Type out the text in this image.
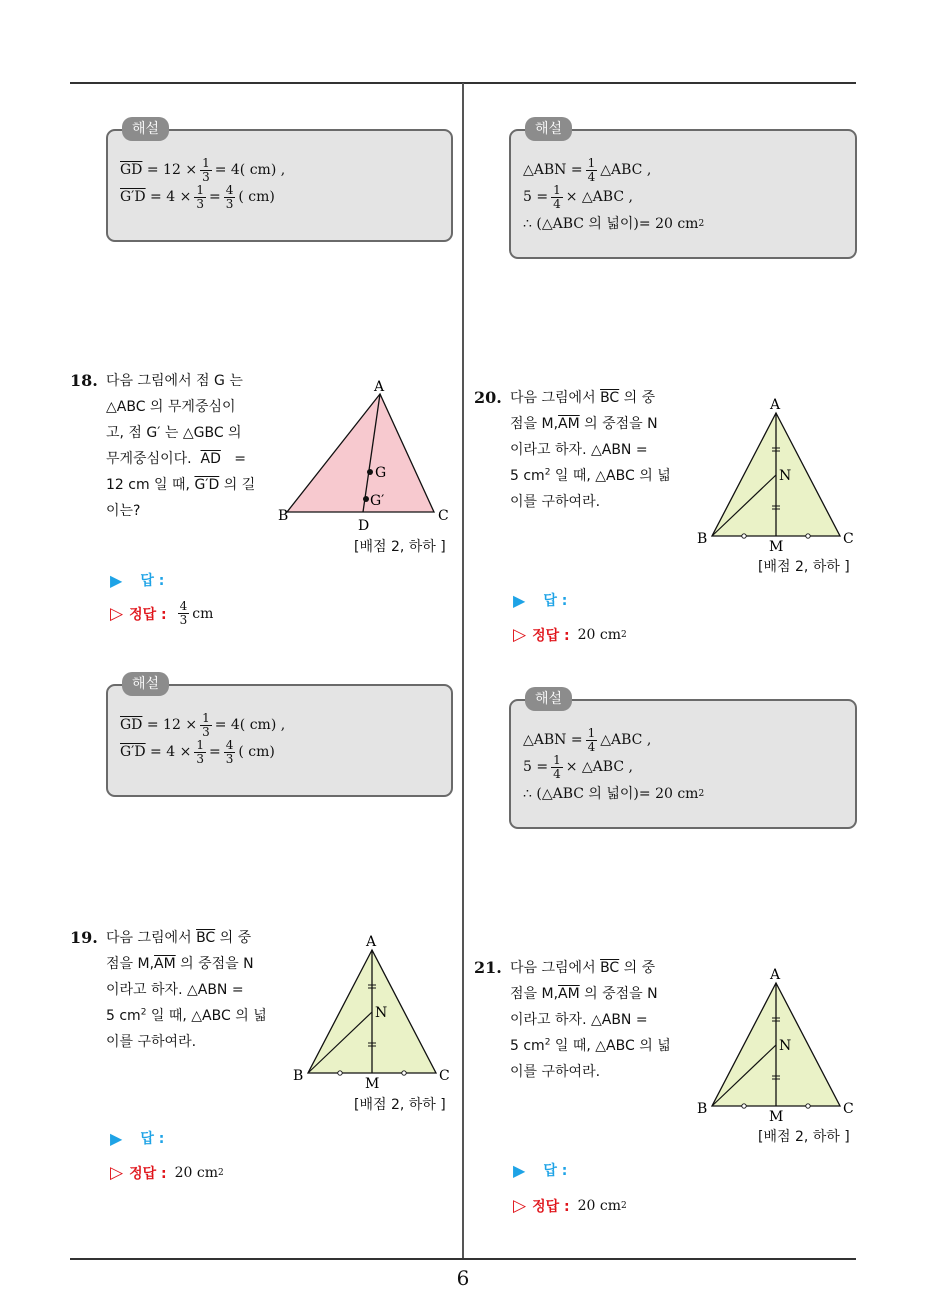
해설
$\overline{GD}$
= $12 \times \frac{1}{3} = 4$( cm) ,
G′D
= $4 \times \frac{1}{3} = \frac{4}{3}$ ( cm)
18. 다음 그림에서 점 G 는
△ABC 의 무게중심이
고, 점 G′ 는 △GBC 의
무게중심이다. $\overline{AD}$ =
12 cm 일 때, G′D 의 길
이는?
A
B	C
D
G
G′
[배점 2, 하하 ]
▶ 답 :
▷ 정답 : $\frac{4}{3}$ cm
해설
$\overline{GD}$
= $12 \times \frac{1}{3} = 4$( cm) ,
G′D
= $4 \times \frac{1}{3} = \frac{4}{3}$ ( cm)
19. 다음 그림에서 $\overline{BC}$ 의 중
점을 $M,\overline{AM}$ 의 중점을 N
이라고 하자. △ABN =
5 $cm^2$ 일 때, △ABC 의 넓
이를 구하여라.
A
N
B	C
M
[배점 2, 하하 ]
▶ 답 :
▷ 정답 : 20 cm 2
해설
△ABN = $\frac{1}{4}$ △ABC ,
$5 = \frac{1}{4}$ × △ABC ,
∴ (△ABC 의 넓이)= 20 cm 2
20. 다음 그림에서 $\overline{BC}$ 의 중
점을 $M,\overline{AM}$ 의 중점을 N
이라고 하자. △ABN =
5 $cm^2$ 일 때, △ABC 의 넓
이를 구하여라.
A
N
B	C
M
[배점 2, 하하 ]
▶ 답 :
▷ 정답 : 20 cm 2
해설
△ABN = $\frac{1}{4}$ △ABC ,
$5 = \frac{1}{4}$ × △ABC ,
∴ (△ABC 의 넓이)= 20 cm 2
21. 다음 그림에서 $\overline{BC}$ 의 중
점을 $M,\overline{AM}$ 의 중점을 N
이라고 하자. △ABN =
5 $cm^2$ 일 때, △ABC 의 넓
이를 구하여라.
A
N
B	C
M
[배점 2, 하하 ]
▶ 답 :
▷ 정답 : 20 cm 2
6
